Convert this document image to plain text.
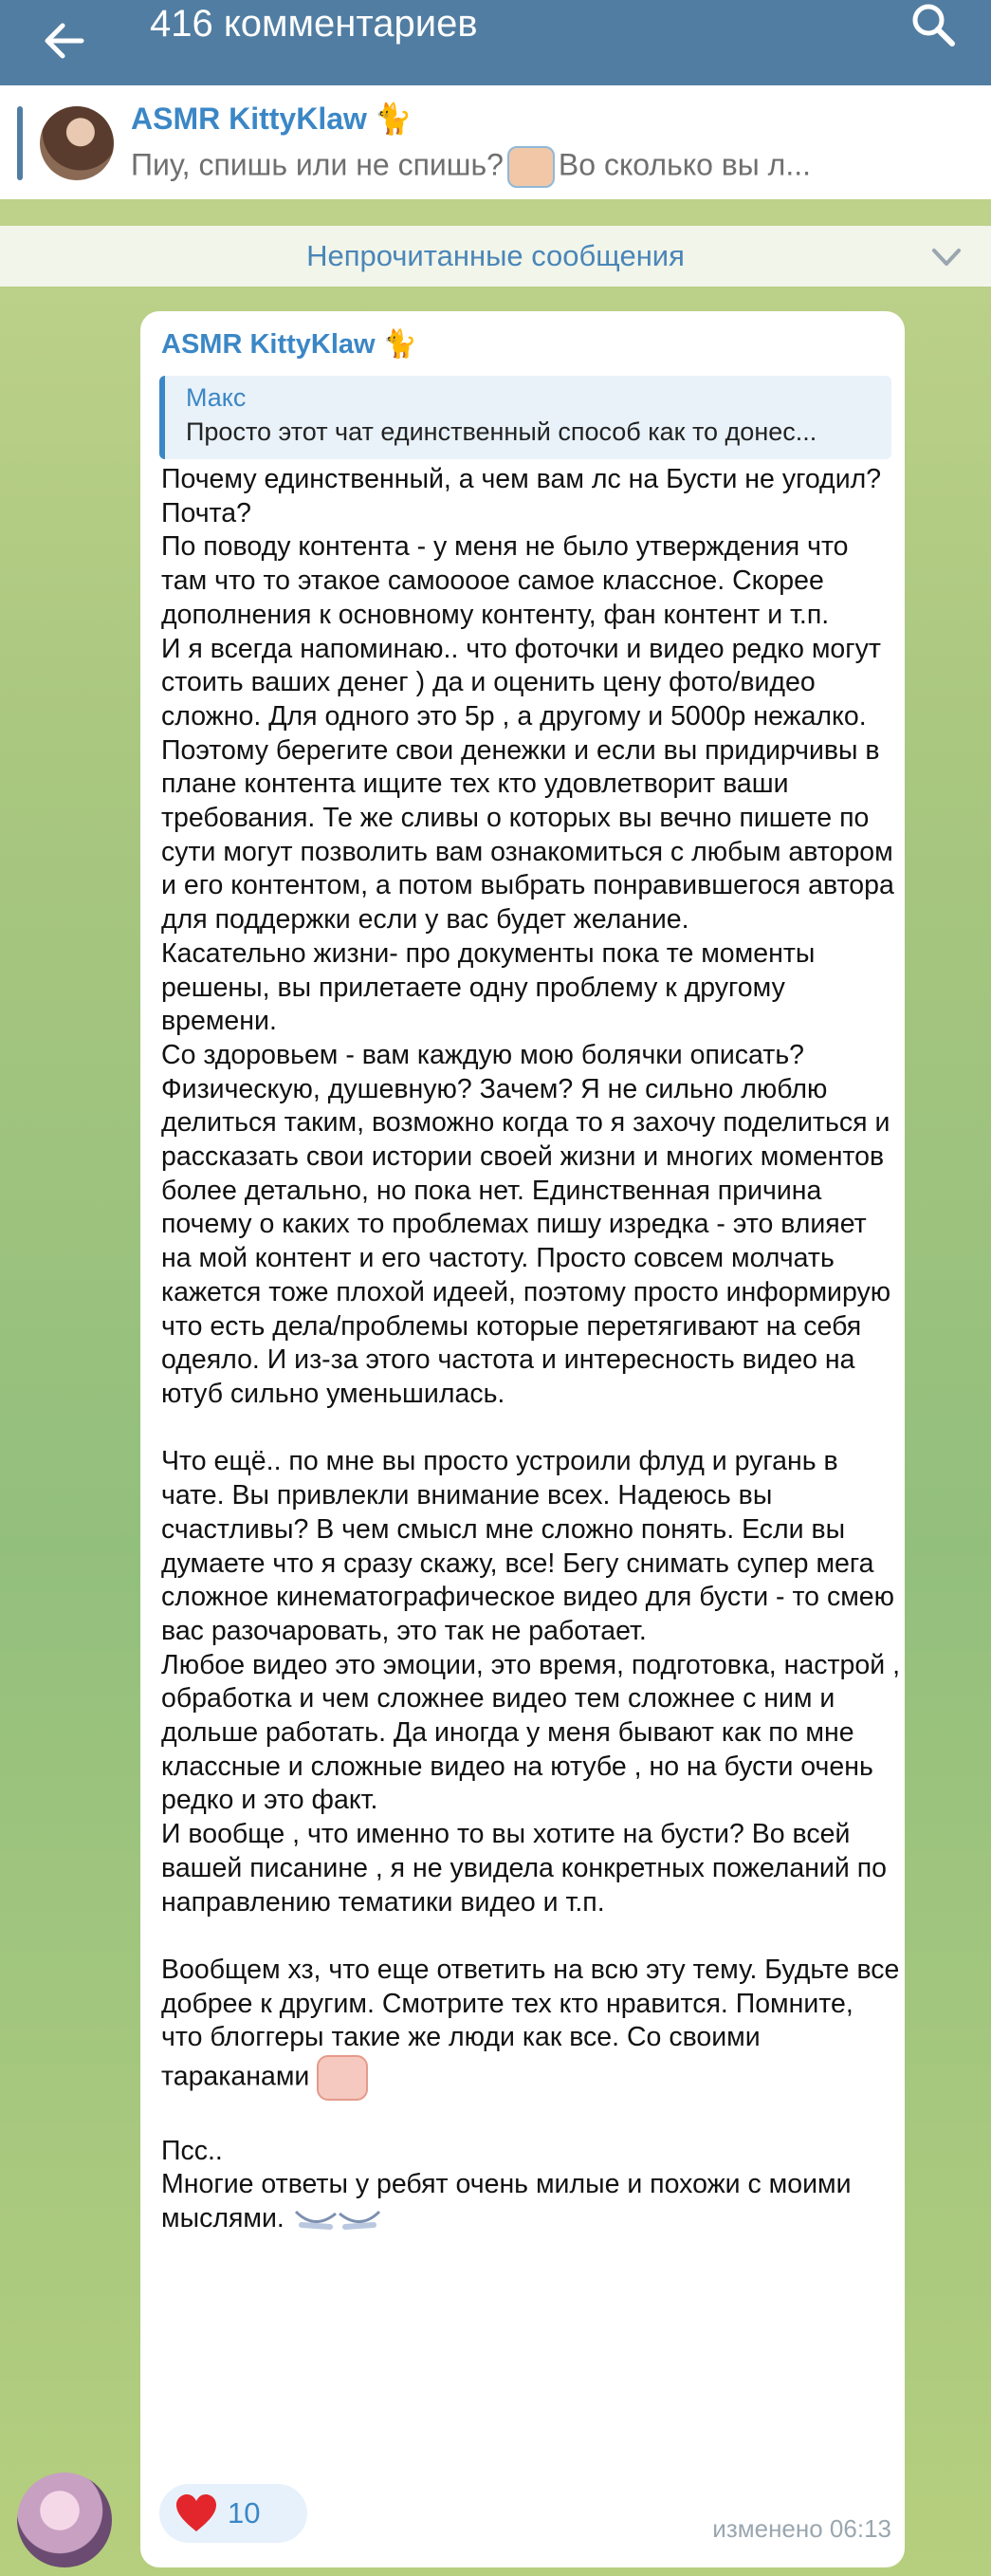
416 комментариев
ASMR KittyKlaw 🐈
Пиу, спишь или не спишь? Во сколько вы л...
Непрочитанные сообщения
ASMR KittyKlaw 🐈
Макс
Просто этот чат единственный способ как то донес...

Почему единственный, а чем вам лс на Бусти не угодил? Почта?

По поводу контента - у меня не было утверждения что там что то этакое самоoooе самое классное. Скорее дополнения к основному контенту, фан контент и т.п.

И я всегда напоминаю.. что фоточки и видео редко могут стоить ваших денег ) да и оценить цену фото/видео сложно. Для одного это 5р , а другому и 5000р нежалко. Поэтому берегите свои денежки и если вы придирчивы в плане контента ищите тех кто удовлетворит ваши требования. Те же сливы о которых вы вечно пишете по сути могут позволить вам ознакомиться с любым автором и его контентом, а потом выбрать понравившегося автора для поддержки если у вас будет желание.

Касательно жизни- про документы пока те моменты решены, вы прилетаете одну проблему к другому времени.

Со здоровьем - вам каждую мою болячки описать? Физическую, душевную? Зачем? Я не сильно люблю делиться таким, возможно когда то я захочу поделиться и рассказать свои истории своей жизни и многих моментов более детально, но пока нет. Единственная причина почему о каких то проблемах пишу изредка - это влияет на мой контент и его частоту. Просто совсем молчать кажется тоже плохой идеей, поэтому просто информирую что есть дела/проблемы которые перетягивают на себя одеяло. И из-за этого частота и интересность видео на ютуб сильно уменьшилась.

Что ещё.. по мне вы просто устроили флуд и ругань в чате. Вы привлекли внимание всех. Надеюсь вы счастливы? В чем смысл мне сложно понять. Если вы думаете что я сразу скажу, все! Бегу снимать супер мега сложное кинематографическое видео для бусти - то смею вас разочаровать, это так не работает.

Любое видео это эмоции, это время, подготовка, настрой , обработка и чем сложнее видео тем сложнее с ним и дольше работать. Да иногда у меня бывают как по мне классные и сложные видео на ютубе , но на бусти очень редко и это факт.

И вообще , что именно то вы хотите на бусти? Во всей вашей писанине , я не увидела конкретных пожеланий по направлению тематики видео и т.п.

Вообщем хз, что еще ответить на всю эту тему. Будьте все добрее к другим. Смотрите тех кто нравится. Помните, что блоггеры такие же люди как все. Со своими тараканами

Псс..

Многие ответы у ребят очень милые и похожи с моими мыслями.

10	изменено 06:13
